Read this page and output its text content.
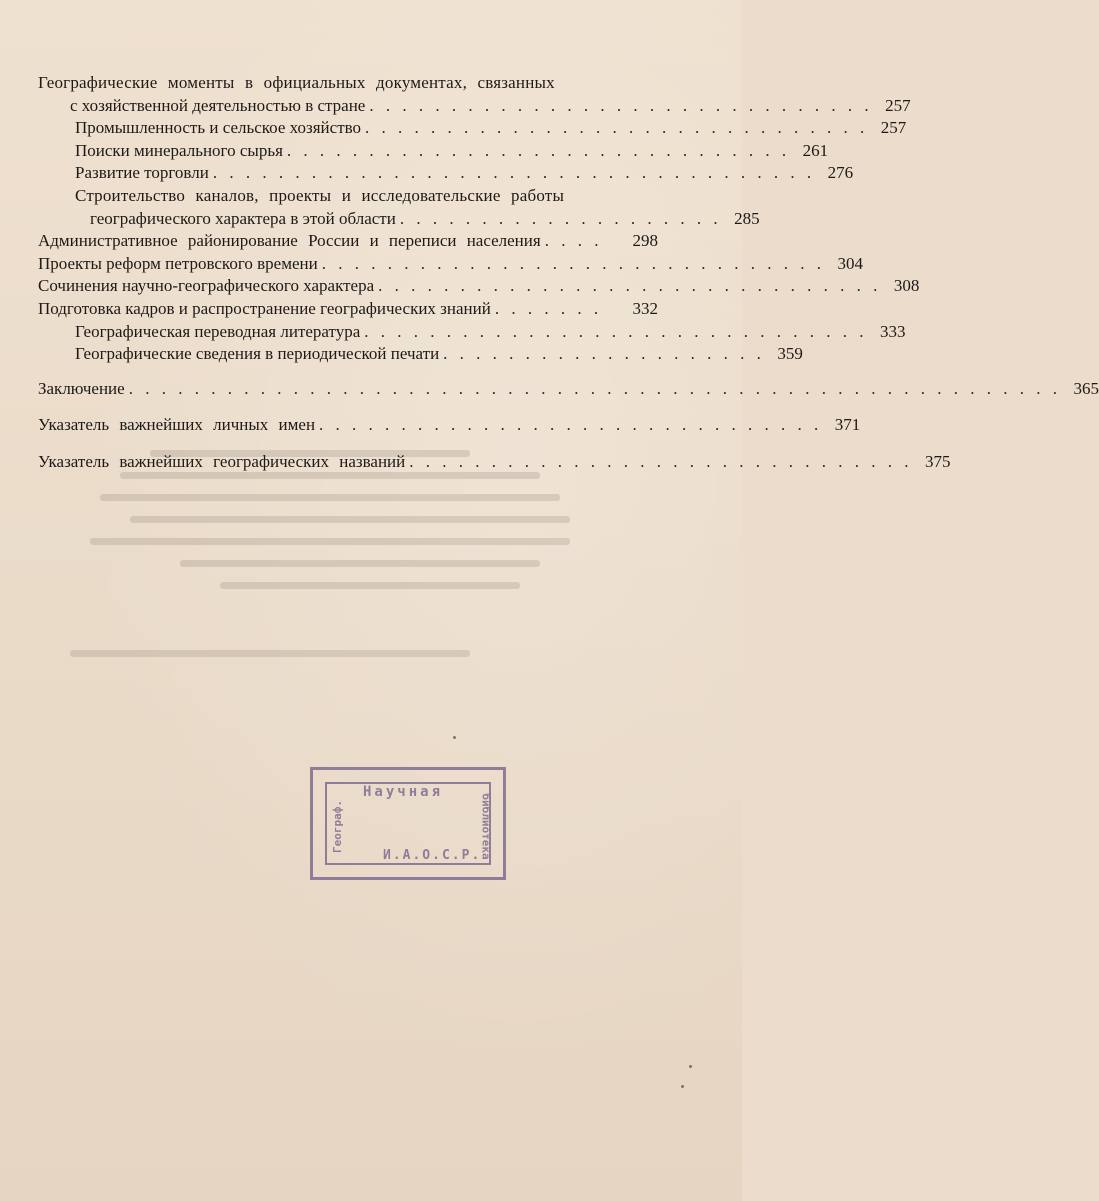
Географические моменты в официальных документах, связанных
с хозяйственной деятельностью в стране . . . . . . . . . . . . . . . . . . . . . . . . . . . . . . . 257
Промышленность и сельское хозяйство . . . . . . . . . . . . . . . . . . . . . . . . . . . . . . . 257
Поиски минерального сырья . . . . . . . . . . . . . . . . . . . . . . . . . . . . . . . 261
Развитие торговли . . . . . . . . . . . . . . . . . . . . . . . . . . . . . . . . . . . . . 276
Строительство каналов, проекты и исследовательские работы
географического характера в этой области . . . . . . . . . . . . . . . . . . . . 285
Административное районирование России и переписи населения . . . .	298
Проекты реформ петровского времени . . . . . . . . . . . . . . . . . . . . . . . . . . . . . . . 304
Сочинения научно-географического характера . . . . . . . . . . . . . . . . . . . . . . . . . . . . . . . 308
Подготовка кадров и распространение географических знаний . . . . . . .	332
Географическая переводная литература . . . . . . . . . . . . . . . . . . . . . . . . . . . . . . . 333
Географические сведения в периодической печати . . . . . . . . . . . . . . . . . . . . 359
Заключение . . . . . . . . . . . . . . . . . . . . . . . . . . . . . . . . . . . . . . . . . . . . . . . . . . . . . . . . . 365
Указатель важнейших личных имен . . . . . . . . . . . . . . . . . . . . . . . . . . . . . . . 371
Указатель важнейших географических названий . . . . . . . . . . . . . . . . . . . . . . . . . . . . . . . 375
Научная
И.А.О.С.Р.
Географ.	библиотека
